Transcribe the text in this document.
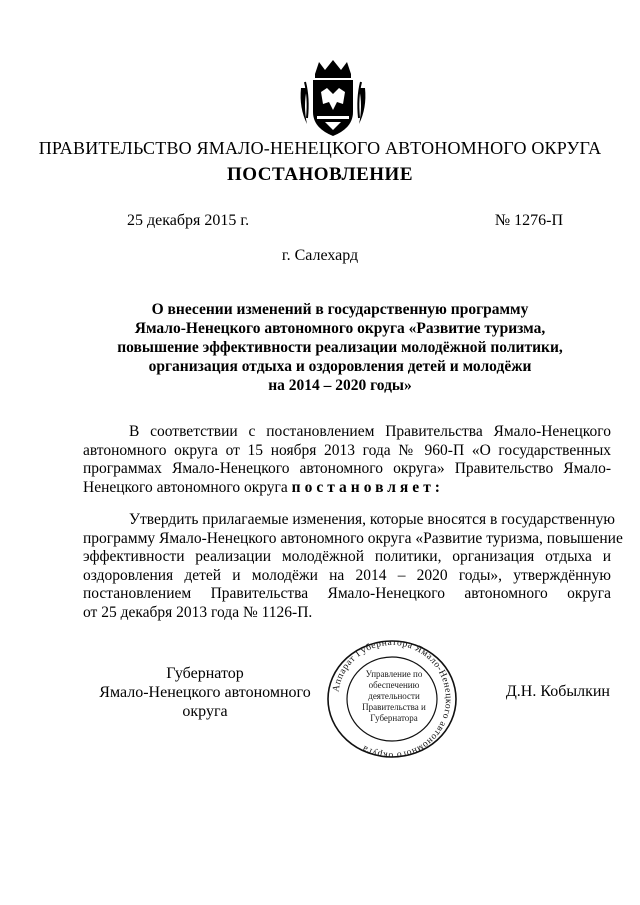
ПРАВИТЕЛЬСТВО ЯМАЛО-НЕНЕЦКОГО АВТОНОМНОГО ОКРУГА
ПОСТАНОВЛЕНИЕ
25 декабря 2015 г.	№ 1276-П
г. Салехард
О внесении изменений в государственную программу
Ямало-Ненецкого автономного округа «Развитие туризма,
повышение эффективности реализации молодёжной политики,
организация отдыха и оздоровления детей и молодёжи
на 2014 – 2020 годы»
В соответствии с постановлением Правительства Ямало-Ненецкого
автономного округа от 15 ноября 2013 года № 960-П «О государственных
программах Ямало-Ненецкого автономного округа» Правительство Ямало-
Ненецкого автономного округа постановляет:
Утвердить прилагаемые изменения, которые вносятся в государственную
программу Ямало-Ненецкого автономного округа «Развитие туризма, повышение
эффективности реализации молодёжной политики, организация отдыха и
оздоровления детей и молодёжи на 2014 – 2020 годы», утверждённую
постановлением Правительства Ямало-Ненецкого автономного округа
от 25 декабря 2013 года № 1126-П.
Губернатор
Ямало-Ненецкого автономного округа
Аппарат Губернатора Ямало-Ненецкого автономного округа
Управление по обеспечению деятельности Правительства и Губернатора
Д.Н. Кобылкин
